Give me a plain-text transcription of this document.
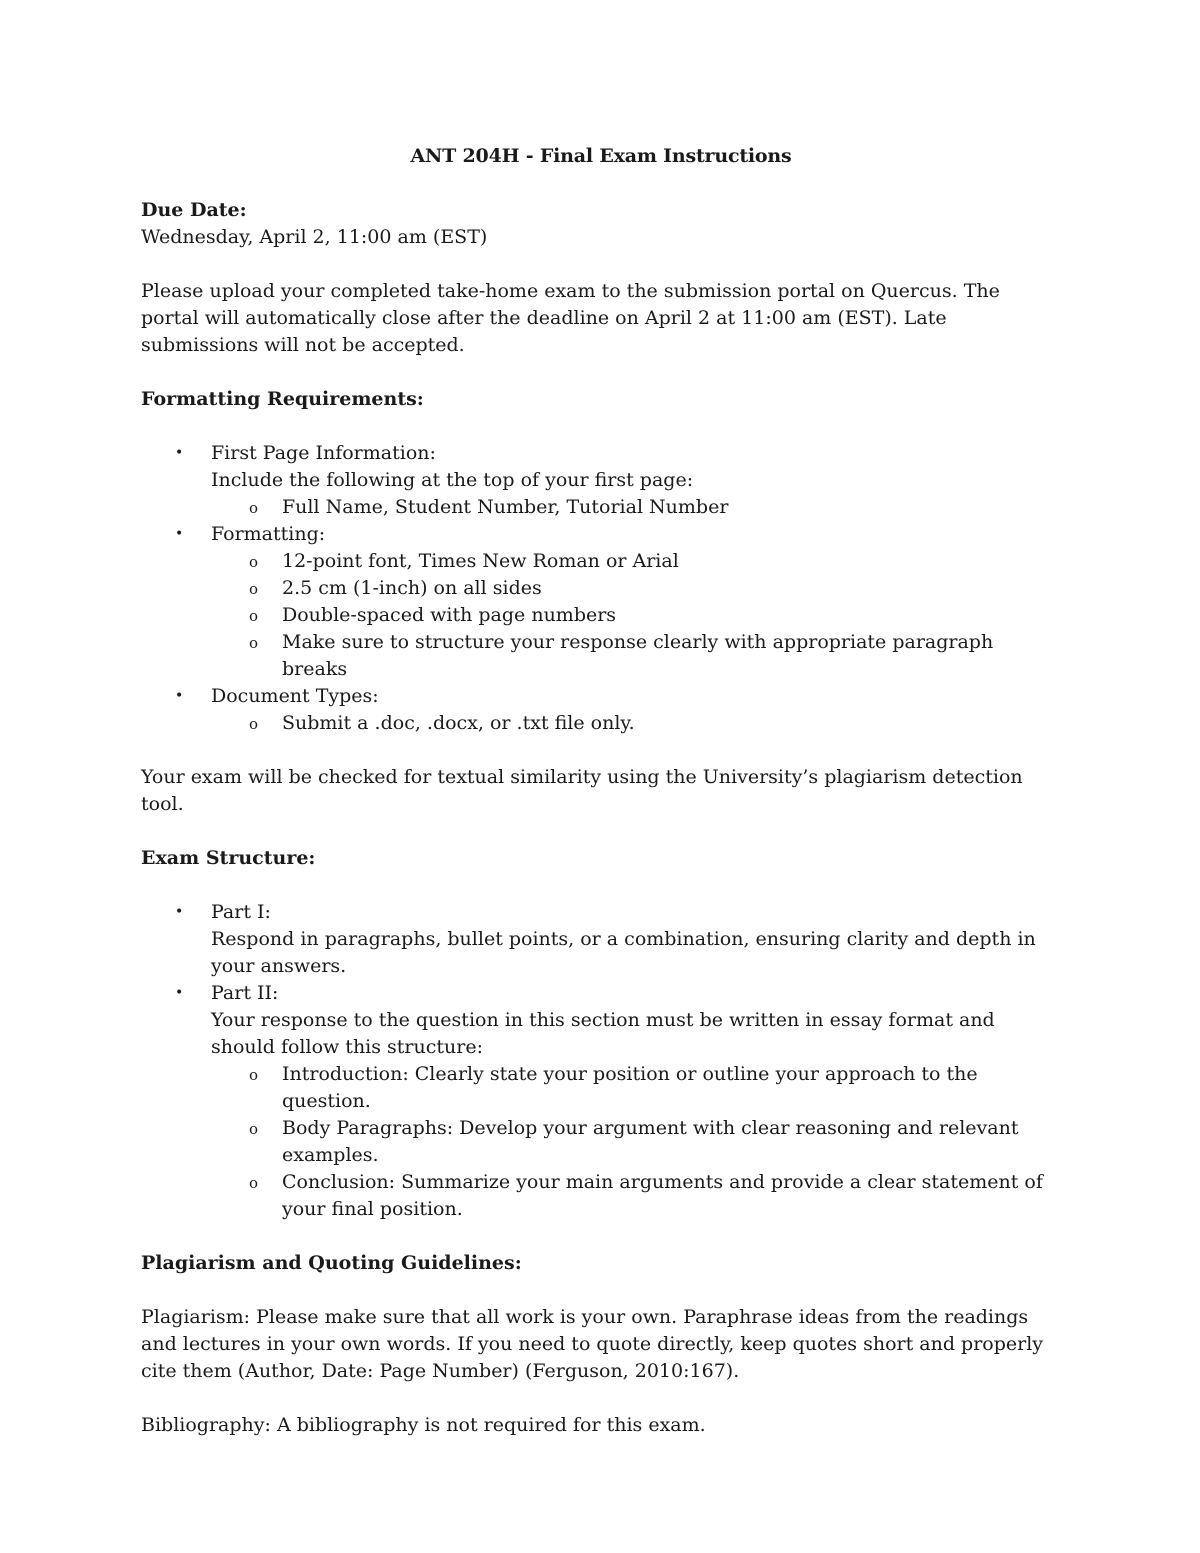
ANT 204H - Final Exam Instructions

Due Date:

Wednesday, April 2, 11:00 am (EST)

Please upload your completed take-home exam to the submission portal on Quercus. The portal will automatically close after the deadline on April 2 at 11:00 am (EST). Late submissions will not be accepted.

Formatting Requirements:

• First Page Information:
Include the following at the top of your first page:
o Full Name, Student Number, Tutorial Number
• Formatting:
o 12-point font, Times New Roman or Arial
o 2.5 cm (1-inch) on all sides
o Double-spaced with page numbers
o Make sure to structure your response clearly with appropriate paragraph breaks
• Document Types:
o Submit a .doc, .docx, or .txt file only.

Your exam will be checked for textual similarity using the University’s plagiarism detection tool.

Exam Structure:

• Part I:
Respond in paragraphs, bullet points, or a combination, ensuring clarity and depth in your answers.
• Part II:
Your response to the question in this section must be written in essay format and should follow this structure:
o Introduction: Clearly state your position or outline your approach to the question.
o Body Paragraphs: Develop your argument with clear reasoning and relevant examples.
o Conclusion: Summarize your main arguments and provide a clear statement of your final position.

Plagiarism and Quoting Guidelines:

Plagiarism: Please make sure that all work is your own. Paraphrase ideas from the readings and lectures in your own words. If you need to quote directly, keep quotes short and properly cite them (Author, Date: Page Number) (Ferguson, 2010:167).

Bibliography: A bibliography is not required for this exam.
